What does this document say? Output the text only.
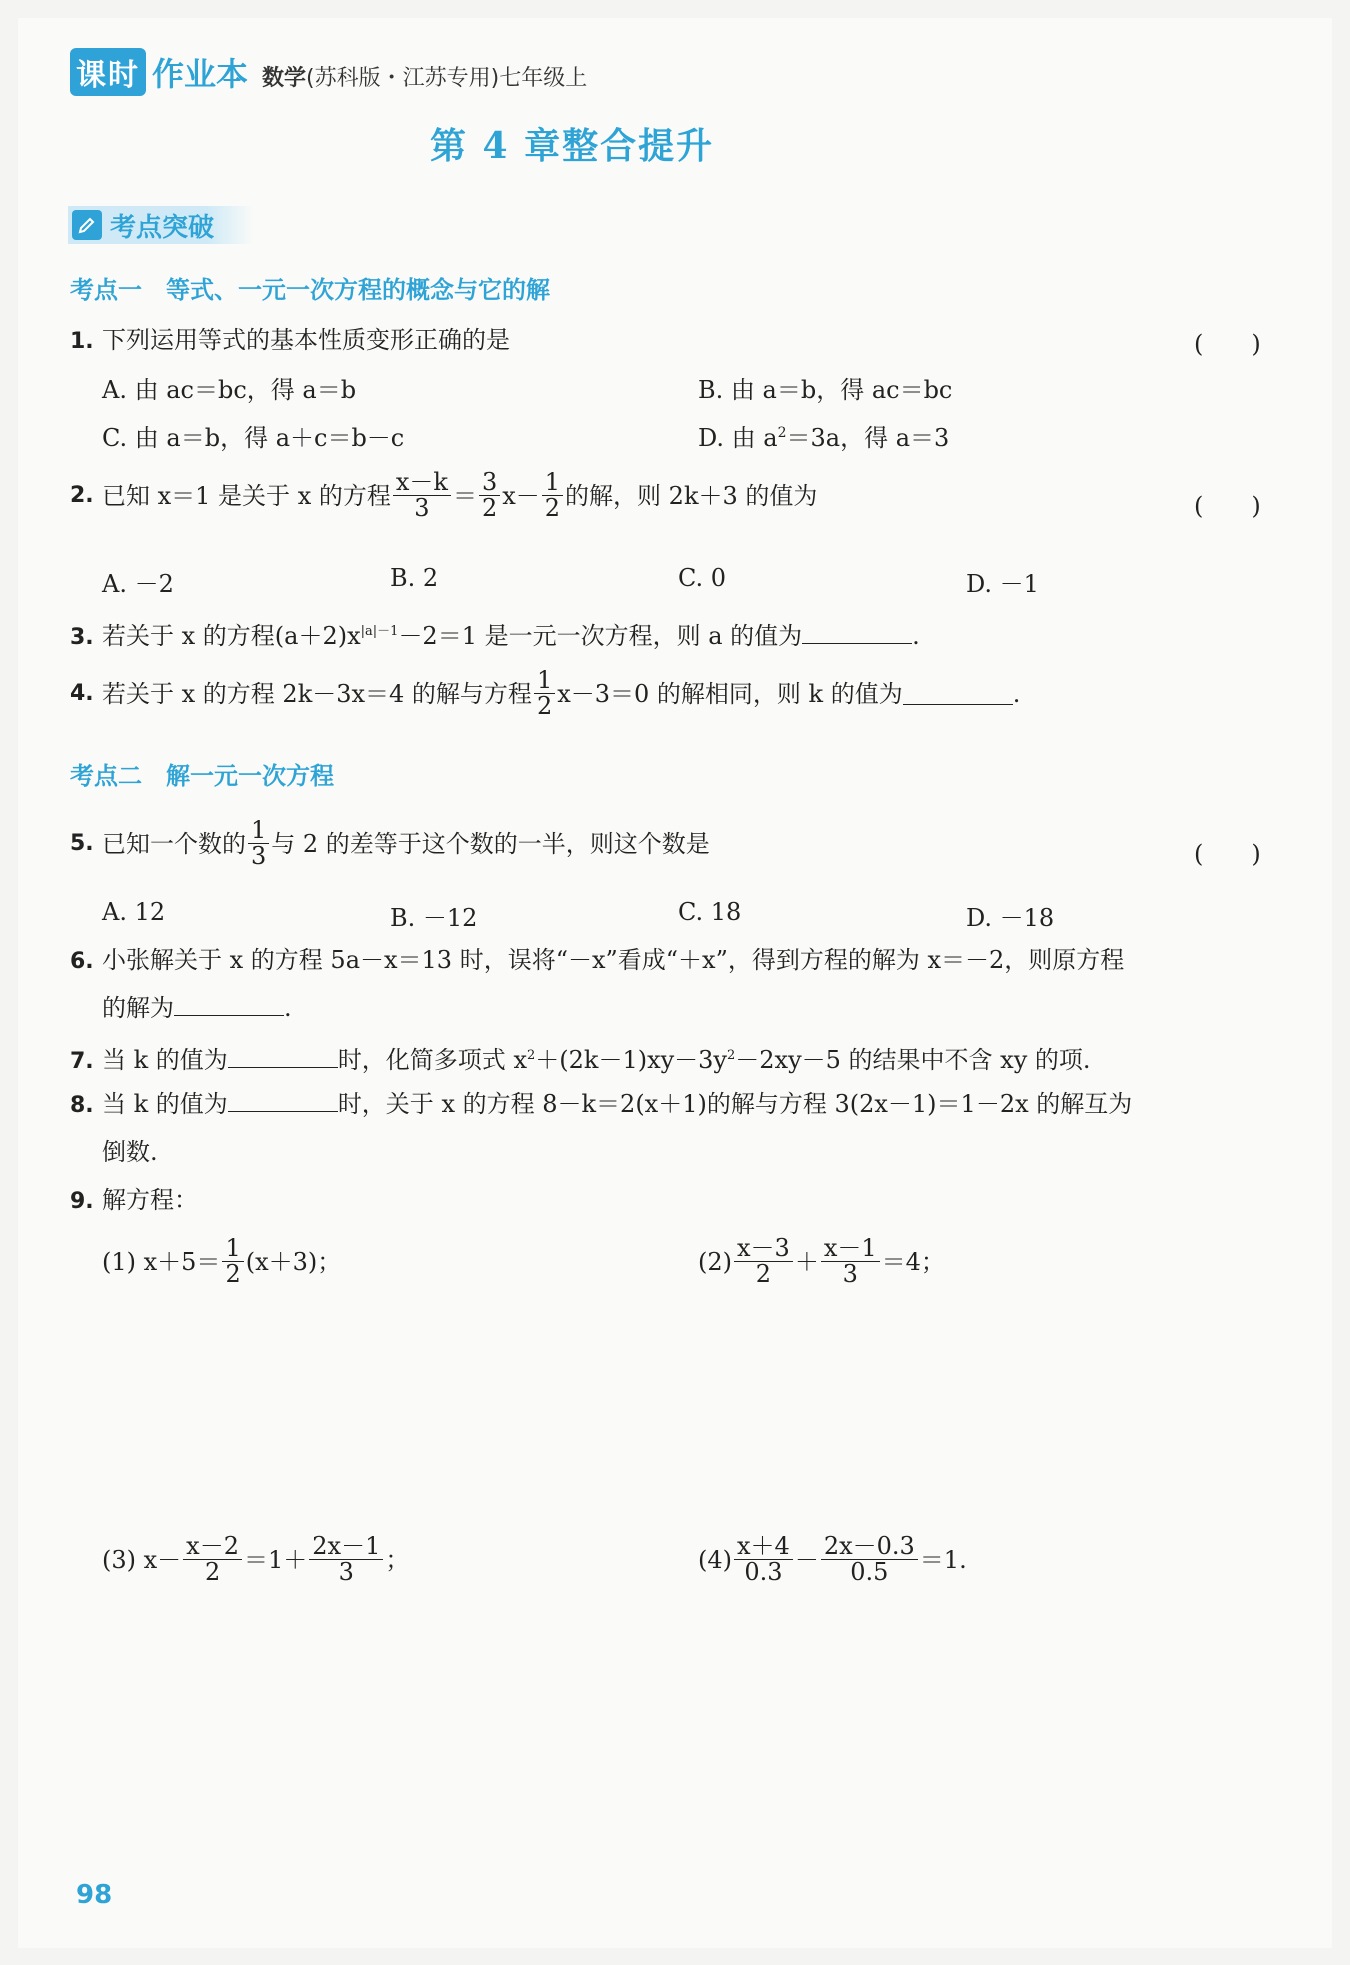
课时 作业本 数学(苏科版・江苏专用)七年级上
第 4 章整合提升
考点突破
考点一　等式、一元一次方程的概念与它的解
1. 下列运用等式的基本性质变形正确的是	(　　)
A. 由 ac＝bc，得 a＝b	B. 由 a＝b，得 ac＝bc
C. 由 a＝b，得 a＋c＝b－c	D. 由 $a^2=3a$，得 a＝3
2. 已知 x＝1 是关于 x 的方程 $\frac{x-k}{3} = \frac{3}{2} x- \frac{1}{2}$ 的解，则 2k＋3 的值为	(　　)
A. －2	B. 2	C. 0	D. －1
3. 若关于 x 的方程$(a+2)x^{|a|-1}-2=1$ 是一元一次方程，则 a 的值为	.
4. 若关于 x 的方程 2k－3x＝4 的解与方程 $\frac{1}{2} x-3=0$ 的解相同，则 k 的值为	.
考点二　解一元一次方程
5. 已知一个数的 $\frac{1}{3}$ 与 2 的差等于这个数的一半，则这个数是	(　　)
A. 12	B. －12	C. 18	D. －18
6. 小张解关于 x 的方程 5a－x＝13 时，误将“－x”看成“＋x”，得到方程的解为 x＝－2，则原方程
的解为	.
7. 当 k 的值为	时，化简多项式 $x^2+(2k-1)xy-3y^2-2xy-5$ 的结果中不含 xy 的项.
8. 当 k 的值为	时，关于 x 的方程 8－k＝2(x＋1)的解与方程 3(2x－1)＝1－2x 的解互为
倒数.
9. 解方程：
(1) $x+5= \frac{1}{2} (x+3)$；	$(2) \frac{x-3}{2} + \frac{x-1}{3} =4$；
(3) $x- \frac{x-2}{2} =1+ \frac{2x-1}{3}$ ；	$(4) \frac{x+4}{0.3} - \frac{2x-0.3}{0.5} =1$.
98
